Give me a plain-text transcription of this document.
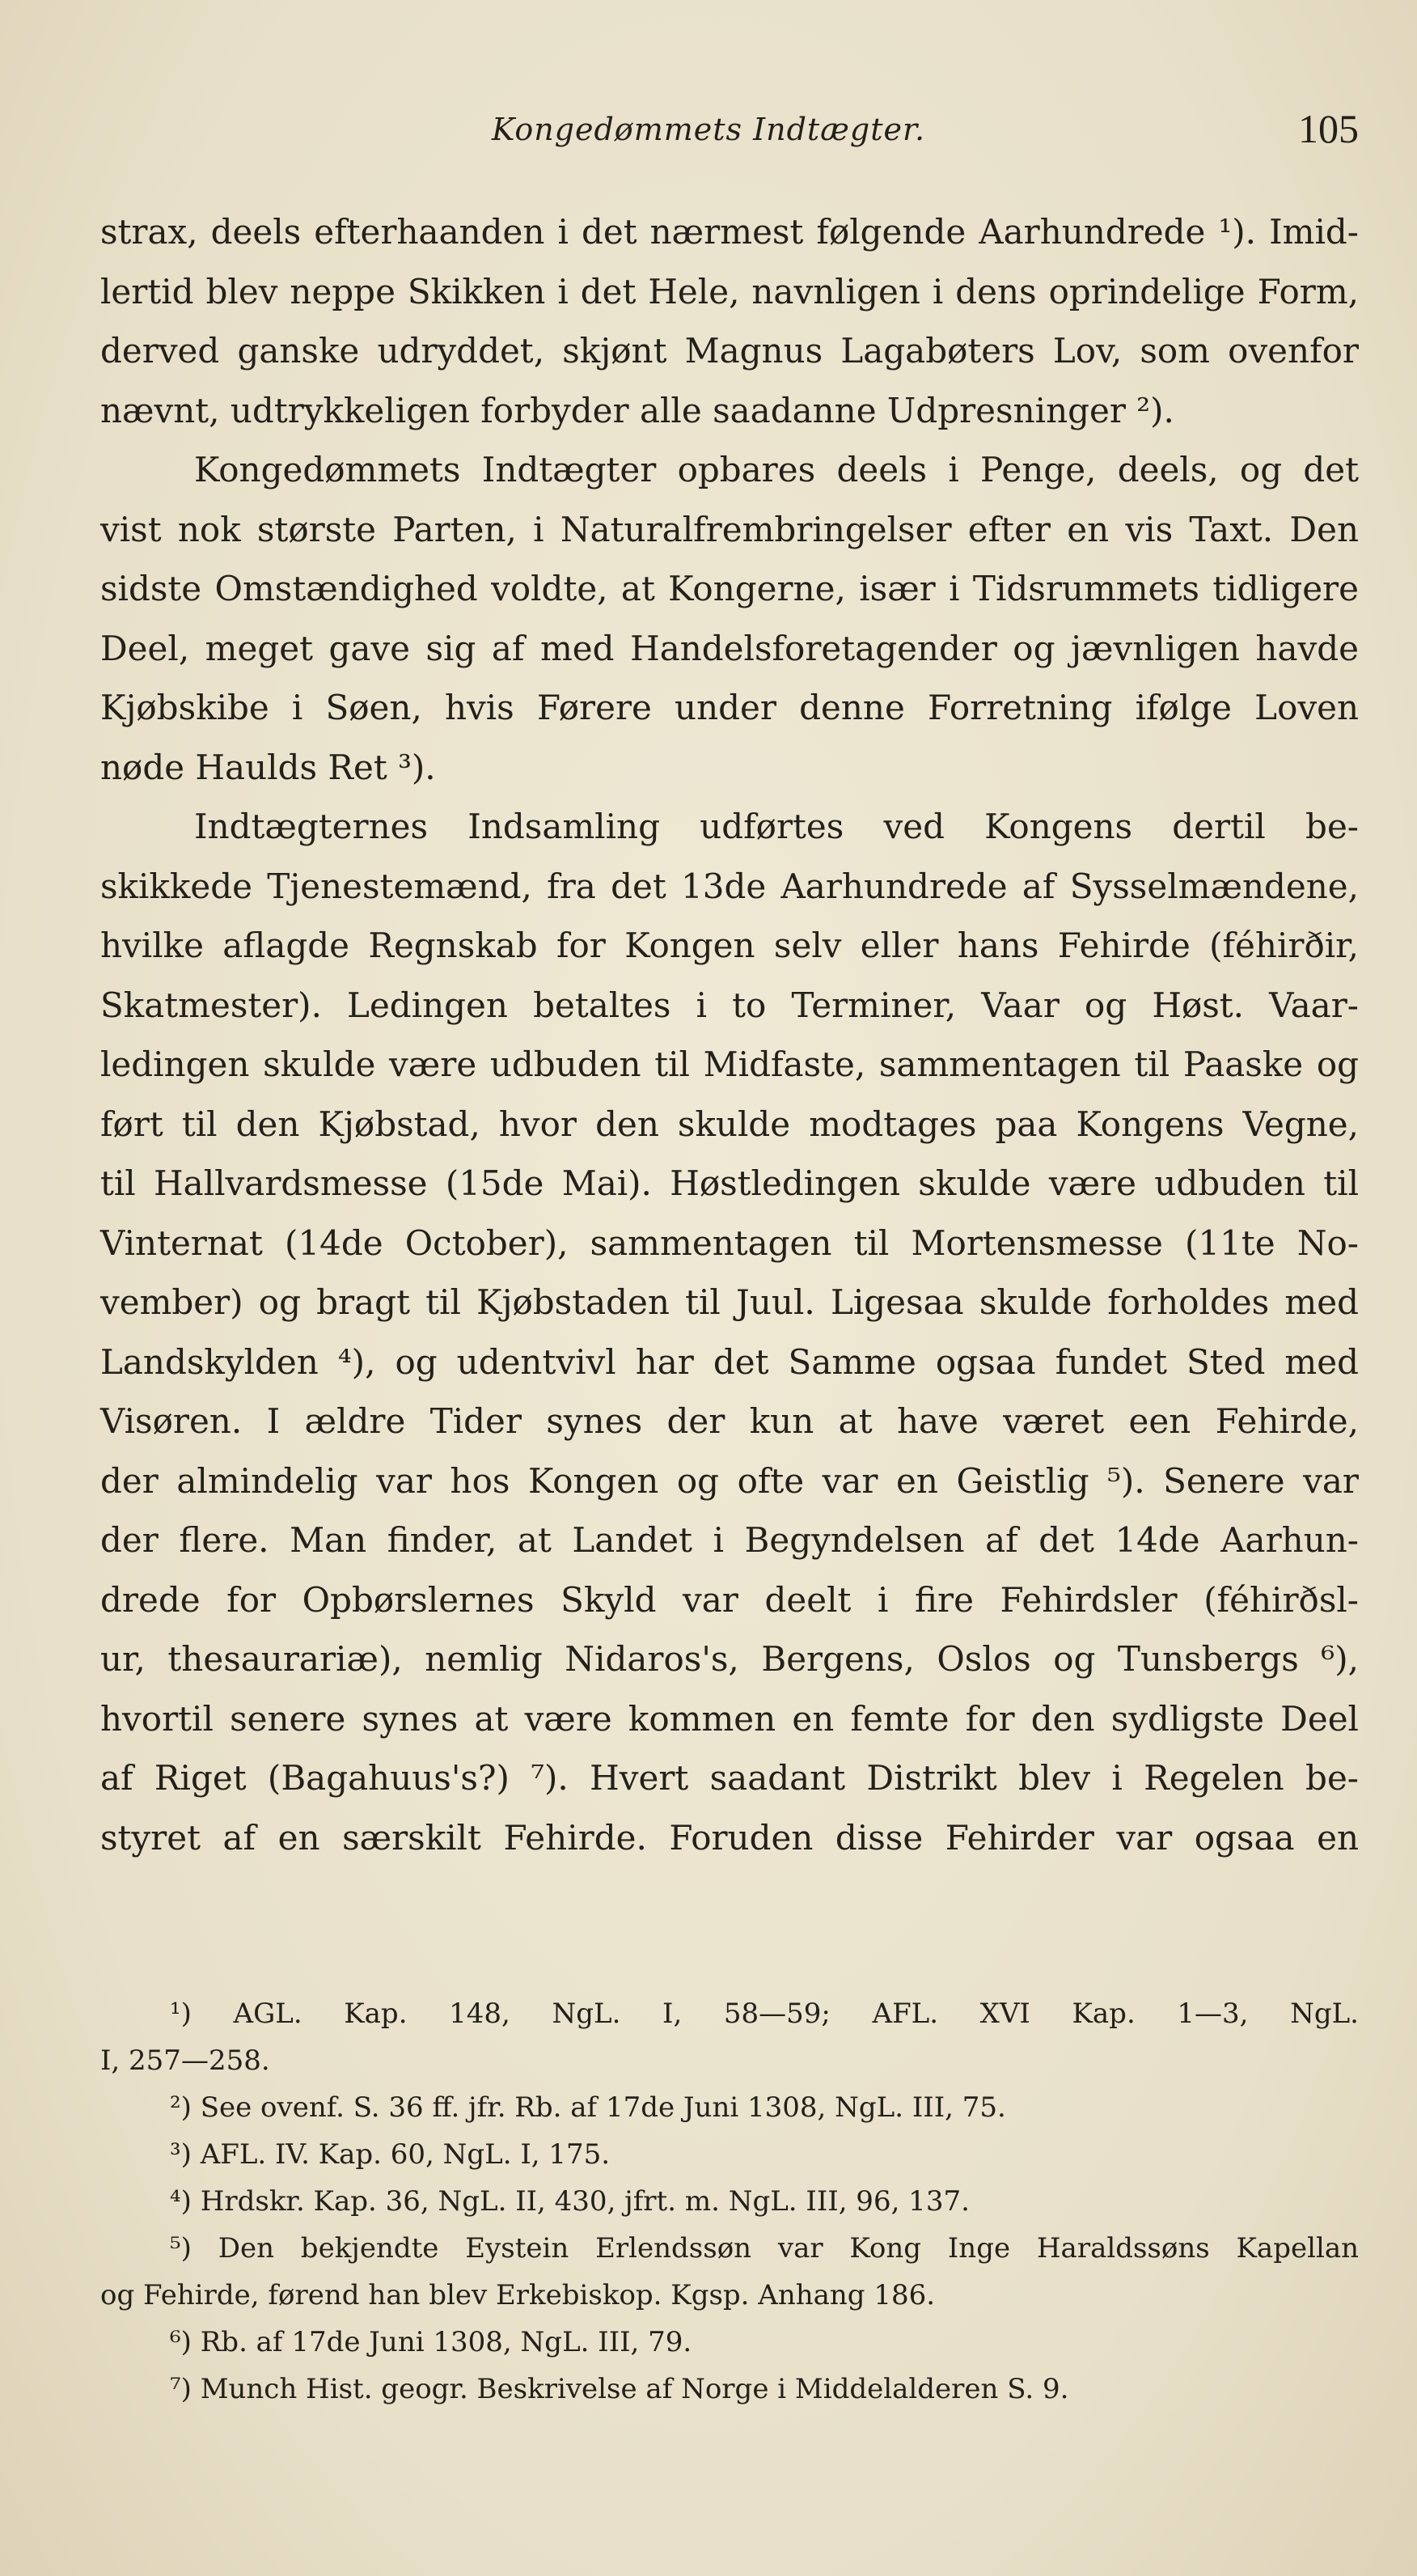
Kongedømmets Indtægter.	105
strax, deels efterhaanden i det nærmest følgende Aarhundrede ¹). Imid-
lertid blev neppe Skikken i det Hele, navnligen i dens oprindelige Form,
derved ganske udryddet, skjønt Magnus Lagabøters Lov, som ovenfor
nævnt, udtrykkeligen forbyder alle saadanne Udpresninger ²).
Kongedømmets Indtægter opbares deels i Penge, deels, og det
vist nok største Parten, i Naturalfrembringelser efter en vis Taxt. Den
sidste Omstændighed voldte, at Kongerne, især i Tidsrummets tidligere
Deel, meget gave sig af med Handelsforetagender og jævnligen havde
Kjøbskibe i Søen, hvis Førere under denne Forretning ifølge Loven
nøde Haulds Ret ³).
Indtægternes Indsamling udførtes ved Kongens dertil be-
skikkede Tjenestemænd, fra det 13de Aarhundrede af Sysselmændene,
hvilke aflagde Regnskab for Kongen selv eller hans Fehirde (féhirðir,
Skatmester). Ledingen betaltes i to Terminer, Vaar og Høst. Vaar-
ledingen skulde være udbuden til Midfaste, sammentagen til Paaske og
ført til den Kjøbstad, hvor den skulde modtages paa Kongens Vegne,
til Hallvardsmesse (15de Mai). Høstledingen skulde være udbuden til
Vinternat (14de October), sammentagen til Mortensmesse (11te No-
vember) og bragt til Kjøbstaden til Juul. Ligesaa skulde forholdes med
Landskylden ⁴), og udentvivl har det Samme ogsaa fundet Sted med
Visøren. I ældre Tider synes der kun at have været een Fehirde,
der almindelig var hos Kongen og ofte var en Geistlig ⁵). Senere var
der flere. Man finder, at Landet i Begyndelsen af det 14de Aarhun-
drede for Opbørslernes Skyld var deelt i fire Fehirdsler (féhirðsl-
ur, thesaurariæ), nemlig Nidaros's, Bergens, Oslos og Tunsbergs ⁶),
hvortil senere synes at være kommen en femte for den sydligste Deel
af Riget (Bagahuus's?) ⁷). Hvert saadant Distrikt blev i Regelen be-
styret af en særskilt Fehirde. Foruden disse Fehirder var ogsaa en
¹) AGL. Kap. 148, NgL. I, 58—59; AFL. XVI Kap. 1—3, NgL.
I, 257—258.
²) See ovenf. S. 36 ff. jfr. Rb. af 17de Juni 1308, NgL. III, 75.
³) AFL. IV. Kap. 60, NgL. I, 175.
⁴) Hrdskr. Kap. 36, NgL. II, 430, jfrt. m. NgL. III, 96, 137.
⁵) Den bekjendte Eystein Erlendssøn var Kong Inge Haraldssøns Kapellan
og Fehirde, førend han blev Erkebiskop. Kgsp. Anhang 186.
⁶) Rb. af 17de Juni 1308, NgL. III, 79.
⁷) Munch Hist. geogr. Beskrivelse af Norge i Middelalderen S. 9.
